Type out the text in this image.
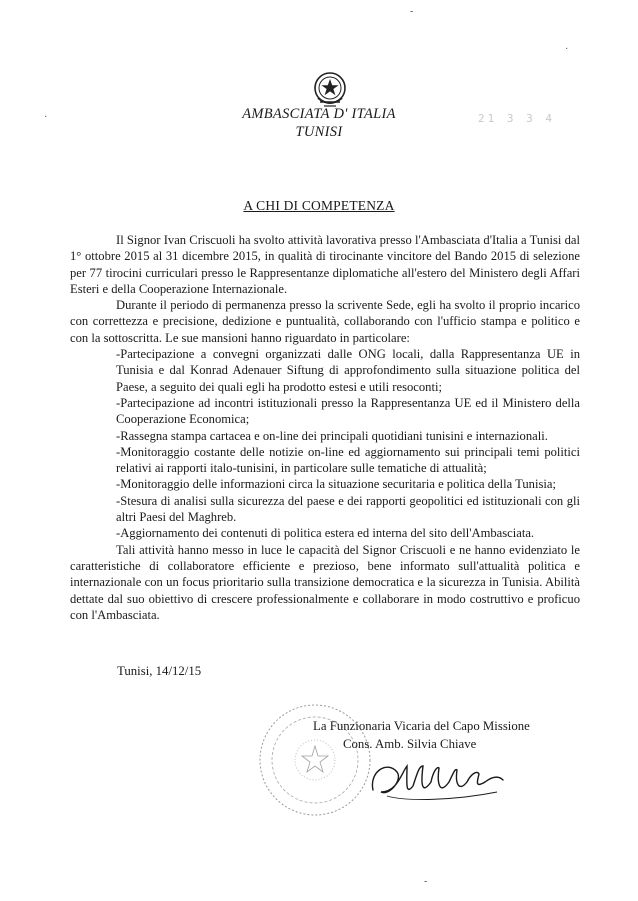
AMBASCIATA D' ITALIA
TUNISI
21 3 3 4
A CHI DI COMPETENZA

Il Signor Ivan Criscuoli ha svolto attività lavorativa presso l'Ambasciata d'Italia a Tunisi dal 1° ottobre 2015 al 31 dicembre 2015, in qualità di tirocinante vincitore del Bando 2015 di selezione per 77 tirocini curriculari presso le Rappresentanze diplomatiche all'estero del Ministero degli Affari Esteri e della Cooperazione Internazionale.

Durante il periodo di permanenza presso la scrivente Sede, egli ha svolto il proprio incarico con correttezza e precisione, dedizione e puntualità, collaborando con l'ufficio stampa e politico e con la sottoscritta. Le sue mansioni hanno riguardato in particolare:

-Partecipazione a convegni organizzati dalle ONG locali, dalla Rappresentanza UE in Tunisia e dal Konrad Adenauer Siftung di approfondimento sulla situazione politica del Paese, a seguito dei quali egli ha prodotto estesi e utili resoconti;

-Partecipazione ad incontri istituzionali presso la Rappresentanza UE ed il Ministero della Cooperazione Economica;

-Rassegna stampa cartacea e on-line dei principali quotidiani tunisini e internazionali.

-Monitoraggio costante delle notizie on-line ed aggiornamento sui principali temi politici relativi ai rapporti italo-tunisini, in particolare sulle tematiche di attualità;

-Monitoraggio delle informazioni circa la situazione securitaria e politica della Tunisia;

-Stesura di analisi sulla sicurezza del paese e dei rapporti geopolitici ed istituzionali con gli altri Paesi del Maghreb.

-Aggiornamento dei contenuti di politica estera ed interna del sito dell'Ambasciata.

Tali attività hanno messo in luce le capacità del Signor Criscuoli e ne hanno evidenziato le caratteristiche di collaboratore efficiente e prezioso, bene informato sull'attualità politica e internazionale con un focus prioritario sulla transizione democratica e la sicurezza in Tunisia. Abilità dettate dal suo obiettivo di crescere professionalmente e collaborare in modo costruttivo e proficuo con l'Ambasciata.

Tunisi, 14/12/15
La Funzionaria Vicaria del Capo Missione
Cons. Amb. Silvia Chiave
-
·
·
-
